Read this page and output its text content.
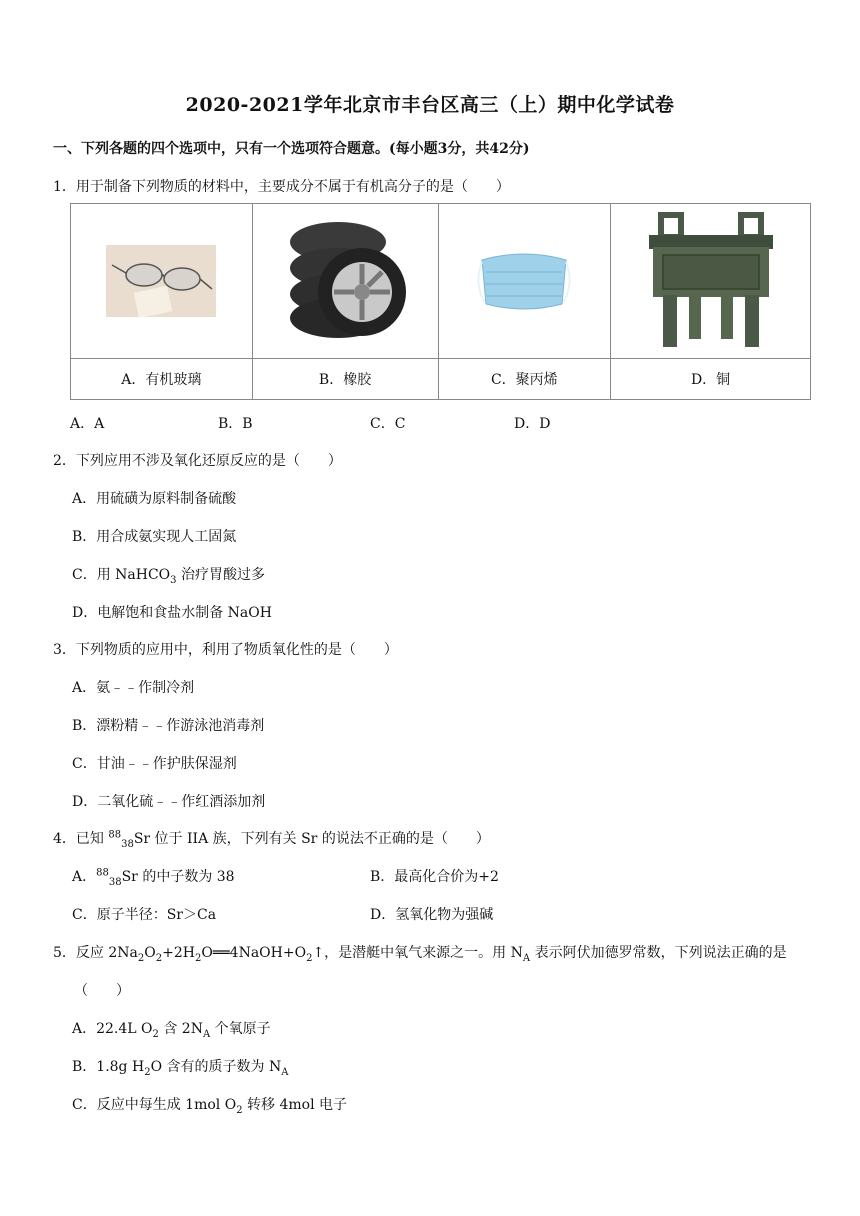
2020-2021学年北京市丰台区高三（上）期中化学试卷
一、下列各题的四个选项中，只有一个选项符合题意。(每小题3分，共42分)
1．用于制备下列物质的材料中，主要成分不属于有机高分子的是（　　）

A．有机玻璃	B．橡胶	C．聚丙烯	D．铜
A．A	B．B	C．C	D．D
2．下列应用不涉及氧化还原反应的是（　　）
A．用硫磺为原料制备硫酸
B．用合成氨实现人工固氮
C．用 NaHCO$_3$ 治疗胃酸过多
D．电解饱和食盐水制备 NaOH
3．下列物质的应用中，利用了物质氧化性的是（　　）
A．氨﹣﹣作制冷剂
B．漂粉精﹣﹣作游泳池消毒剂
C．甘油﹣﹣作护肤保湿剂
D．二氧化硫﹣﹣作红酒添加剂
4．已知 $^{88}_{38}$Sr 位于 IIA 族，下列有关 Sr 的说法不正确的是（　　）
A．$^{88}_{38}$Sr 的中子数为 38	B．最高化合价为+2
C．原子半径：Sr＞Ca	D．氢氧化物为强碱
5．反应 $2Na_2O_2+2H_2O══4NaOH+O_2↑$，是潜艇中氧气来源之一。用 $N_A$ 表示阿伏加德罗常数，下列说法正确的是
（　　）
A．22.4L $O_2$ 含 $2N_A$ 个氧原子
B．1.8g $H_2O$ 含有的质子数为 $N_A$
C．反应中每生成 1mol $O_2$ 转移 4mol 电子
